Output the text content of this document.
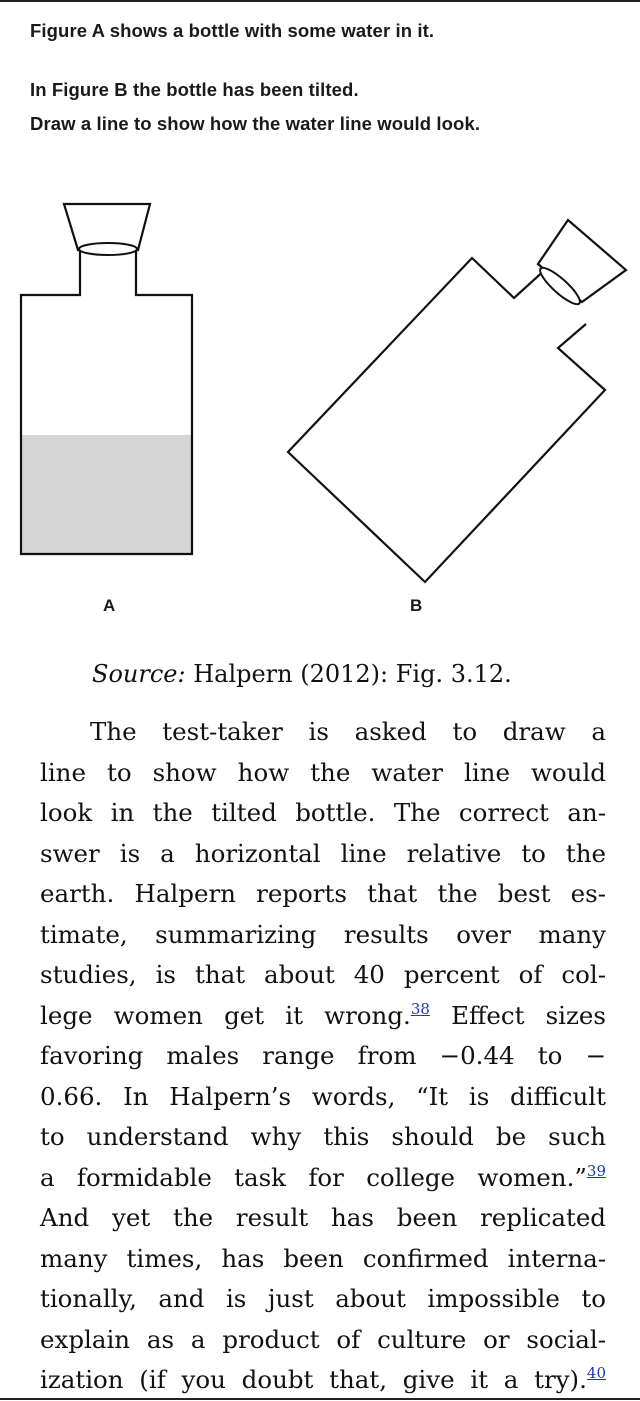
Figure A shows a bottle with some water in it.
In Figure B the bottle has been tilted.
Draw a line to show how the water line would look.
A	B
Source: Halpern (2012): Fig. 3.12.
The test-taker is asked to draw a
line to show how the water line would
look in the tilted bottle. The correct an-
swer is a horizontal line relative to the
earth. Halpern reports that the best es-
timate, summarizing results over many
studies, is that about 40 percent of col-
lege women get it wrong.$^{38}$ Effect sizes
favoring males range from −0.44 to −
0.66. In Halpern’s words, “It is difficult
to understand why this should be such
a formidable task for college women.”$^{39}$
And yet the result has been replicated
many times, has been confirmed interna-
tionally, and is just about impossible to
explain as a product of culture or social-
ization (if you doubt that, give it a try).$^{40}$
